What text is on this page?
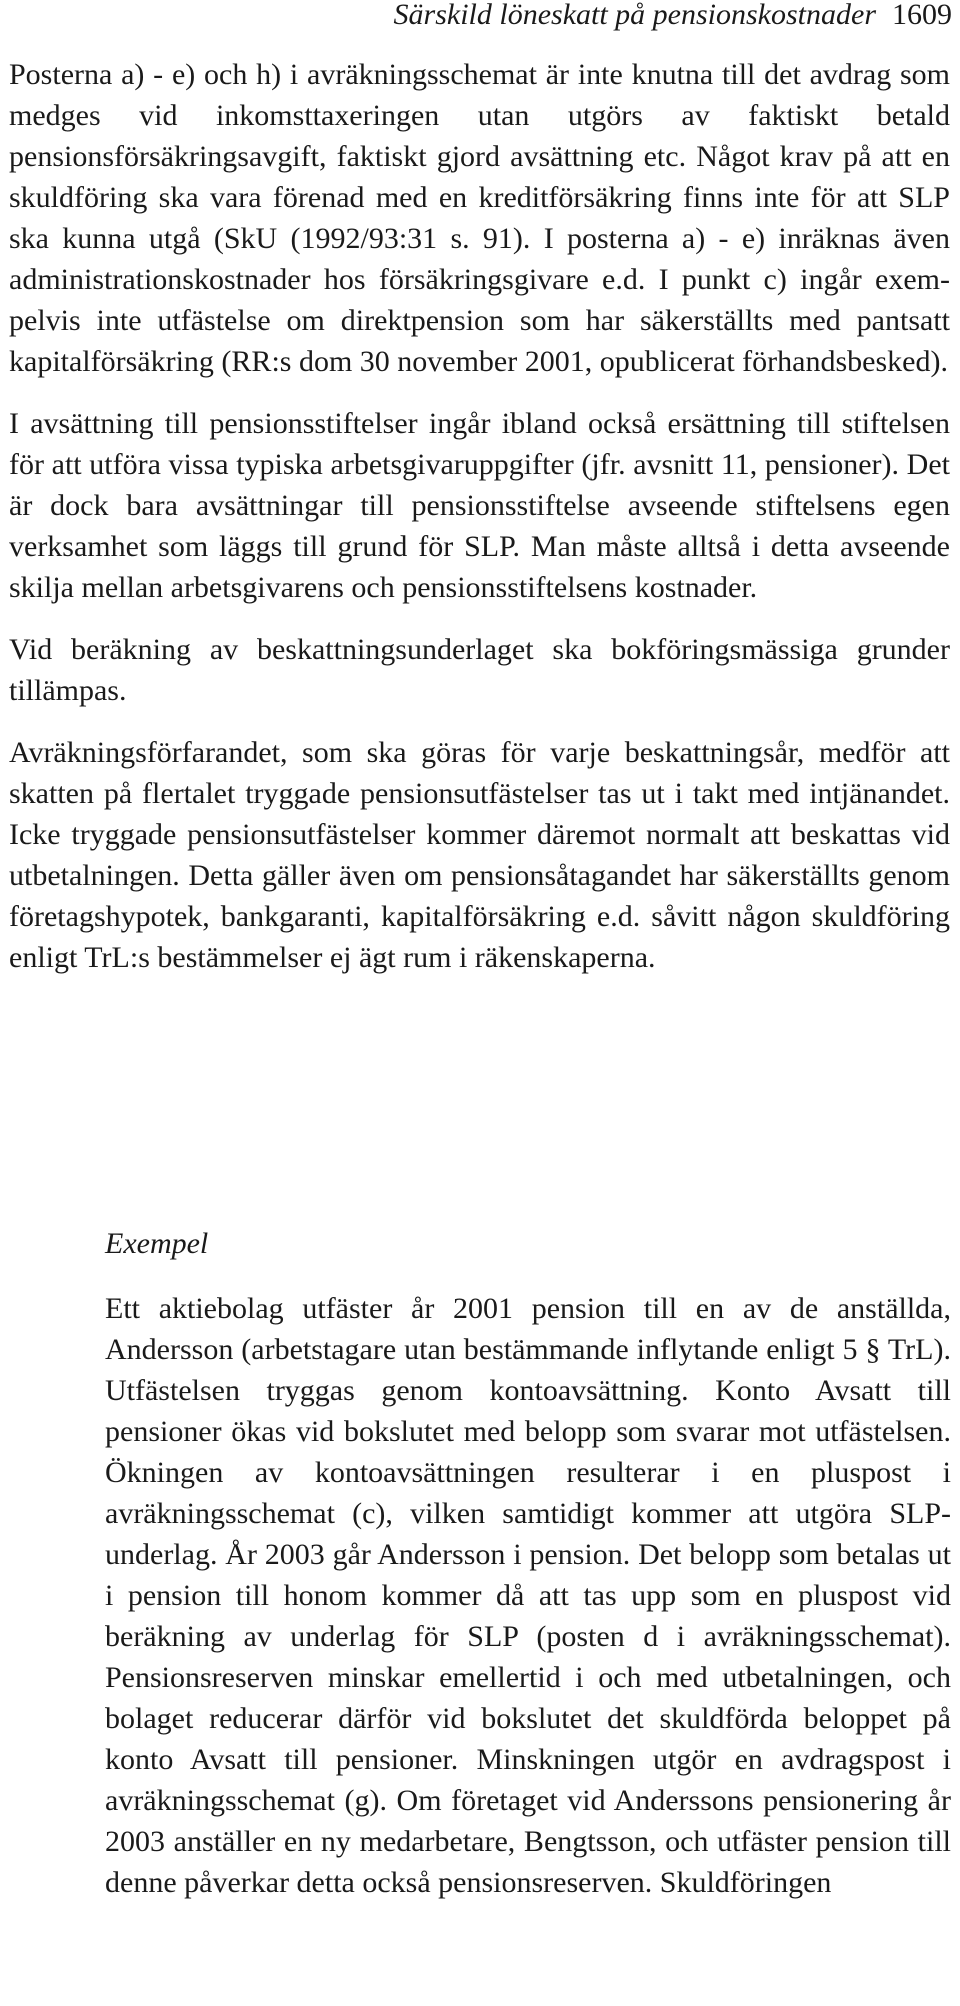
Särskild löneskatt på pensionskostnader 1609

Posterna a) - e) och h) i avräkningsschemat är inte knutna till det avdrag som medges vid inkomsttaxeringen utan utgörs av faktiskt betald pensionsförsäkringsavgift, faktiskt gjord avsättning etc. Något krav på att en skuldföring ska vara förenad med en kreditförsäkring finns inte för att SLP ska kunna utgå (SkU (1992/93:31 s. 91). I posterna a) - e) inräknas även administrationskostnader hos försäkringsgivare e.d. I punkt c) ingår exempelvis inte utfästelse om direktpension som har säkerställts med pantsatt kapitalförsäkring (RR:s dom 30 november 2001, opublicerat förhandsbesked).

I avsättning till pensionsstiftelser ingår ibland också ersättning till stiftelsen för att utföra vissa typiska arbetsgivaruppgifter (jfr. avsnitt 11, pensioner). Det är dock bara avsättningar till pensionsstiftelse avseende stiftelsens egen verksamhet som läggs till grund för SLP. Man måste alltså i detta avseende skilja mellan arbetsgivarens och pensionsstiftelsens kostnader.

Vid beräkning av beskattningsunderlaget ska bokföringsmässiga grunder tillämpas.

Avräkningsförfarandet, som ska göras för varje beskattningsår, medför att skatten på flertalet tryggade pensionsutfästelser tas ut i takt med intjänandet. Icke tryggade pensionsutfästelser kommer däremot normalt att beskattas vid utbetalningen. Detta gäller även om pensionsåtagandet har säkerställts genom företagshypotek, bankgaranti, kapitalförsäkring e.d. såvitt någon skuldföring enligt TrL:s bestämmelser ej ägt rum i räkenskaperna.

Exempel

Ett aktiebolag utfäster år 2001 pension till en av de anställda, Andersson (arbetstagare utan bestämmande inflytande enligt 5 § TrL). Utfästelsen tryggas genom kontoavsättning. Konto Avsatt till pensioner ökas vid bokslutet med belopp som svarar mot utfästelsen. Ökningen av kontoavsättningen resulterar i en pluspost i avräkningsschemat (c), vilken samtidigt kommer att utgöra SLP-underlag. År 2003 går Andersson i pension. Det belopp som betalas ut i pension till honom kommer då att tas upp som en pluspost vid beräkning av underlag för SLP (posten d i avräkningsschemat). Pensionsreserven minskar emellertid i och med utbetalningen, och bolaget reducerar därför vid bokslutet det skuldförda beloppet på konto Avsatt till pensioner. Minskningen utgör en avdragspost i avräkningsschemat (g). Om företaget vid Anderssons pensionering år 2003 anställer en ny medarbetare, Bengtsson, och utfäster pension till denne påverkar detta också pensionsreserven. Skuldföringen
